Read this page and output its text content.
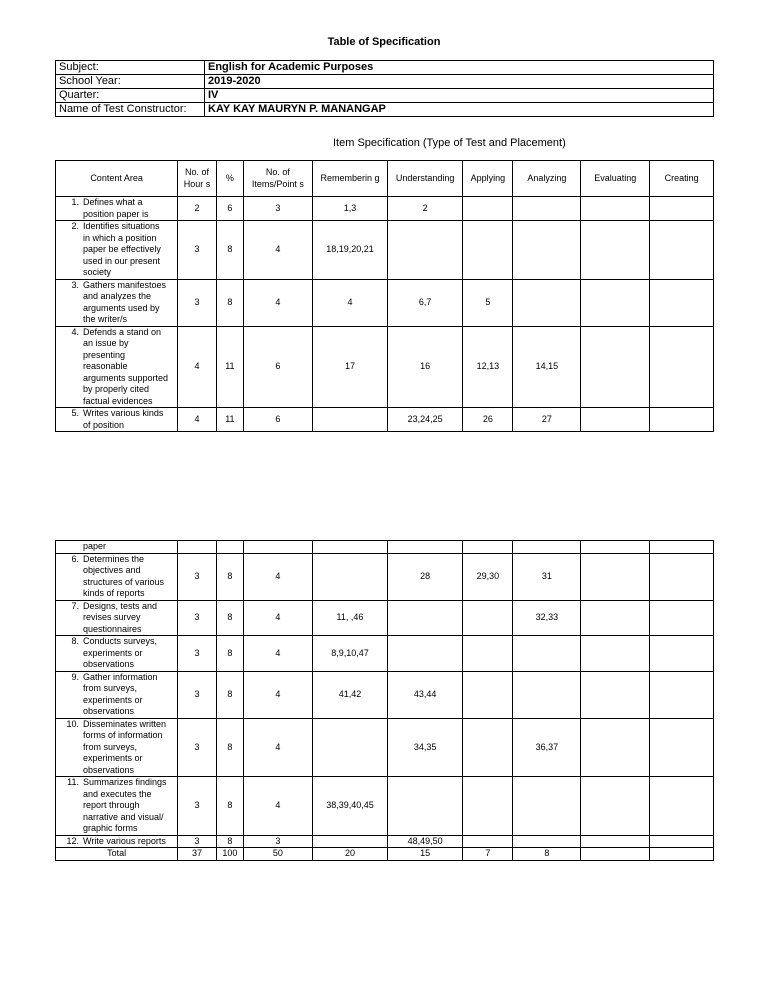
Table of Specification
Subject:	English for Academic Purposes
School Year:	2019-2020
Quarter:	IV
Name of Test Constructor:	KAY KAY MAURYN P. MANANGAP
Item Specification (Type of Test and Placement)
Content Area	No. of Hour s	%	No. of Items/Point s	Rememberin g	Understanding	Applying	Analyzing	Evaluating	Creating
1. Defines what a position paper is	2	6	3	1,3	2				
2. Identifies situations in which a position paper be effectively used in our present society	3	8	4	18,19,20,21					
3. Gathers manifestoes and analyzes the arguments used by the writer/s	3	8	4	4	6,7	5			
4. Defends a stand on an issue by presenting reasonable arguments supported by properly cited factual evidences	4	11	6	17	16	12,13	14,15		
5. Writes various kinds of position	4	11	6		23,24,25	26	27		
paper									
6. Determines the objectives and structures of various kinds of reports	3	8	4		28	29,30	31		
7. Designs, tests and revises survey questionnaires	3	8	4	11, ,46			32,33		
8. Conducts surveys, experiments or observations	3	8	4	8,9,10,47					
9. Gather information from surveys, experiments or observations	3	8	4	41,42	43,44				
10. Disseminates written forms of information from surveys, experiments or observations	3	8	4		34,35		36,37		
11. Summarizes findings and executes the report through narrative and visual/ graphic forms	3	8	4	38,39,40,45					
12. Write various reports	3	8	3		48,49,50				
Total	37	100	50	20	15	7	8		
